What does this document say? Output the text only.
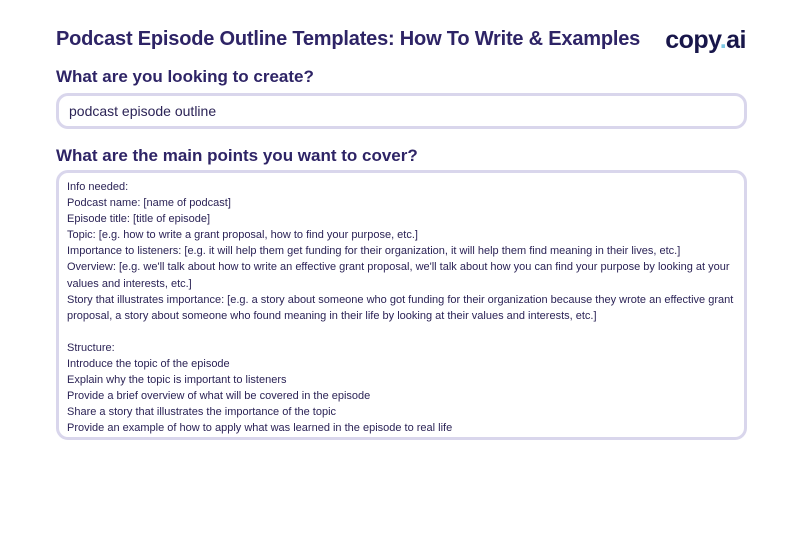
Podcast Episode Outline Templates: How To Write & Examples copy.ai
What are you looking to create?
podcast episode outline
What are the main points you want to cover?
Info needed:
Podcast name: [name of podcast]
Episode title: [title of episode]
Topic: [e.g. how to write a grant proposal, how to find your purpose, etc.]
Importance to listeners: [e.g. it will help them get funding for their organization, it will help them find meaning in their lives, etc.]
Overview: [e.g. we'll talk about how to write an effective grant proposal, we'll talk about how you can find your purpose by looking at your
values and interests, etc.]
Story that illustrates importance: [e.g. a story about someone who got funding for their organization because they wrote an effective grant
proposal, a story about someone who found meaning in their life by looking at their values and interests, etc.]
Structure:
Introduce the topic of the episode
Explain why the topic is important to listeners
Provide a brief overview of what will be covered in the episode
Share a story that illustrates the importance of the topic
Provide an example of how to apply what was learned in the episode to real life
